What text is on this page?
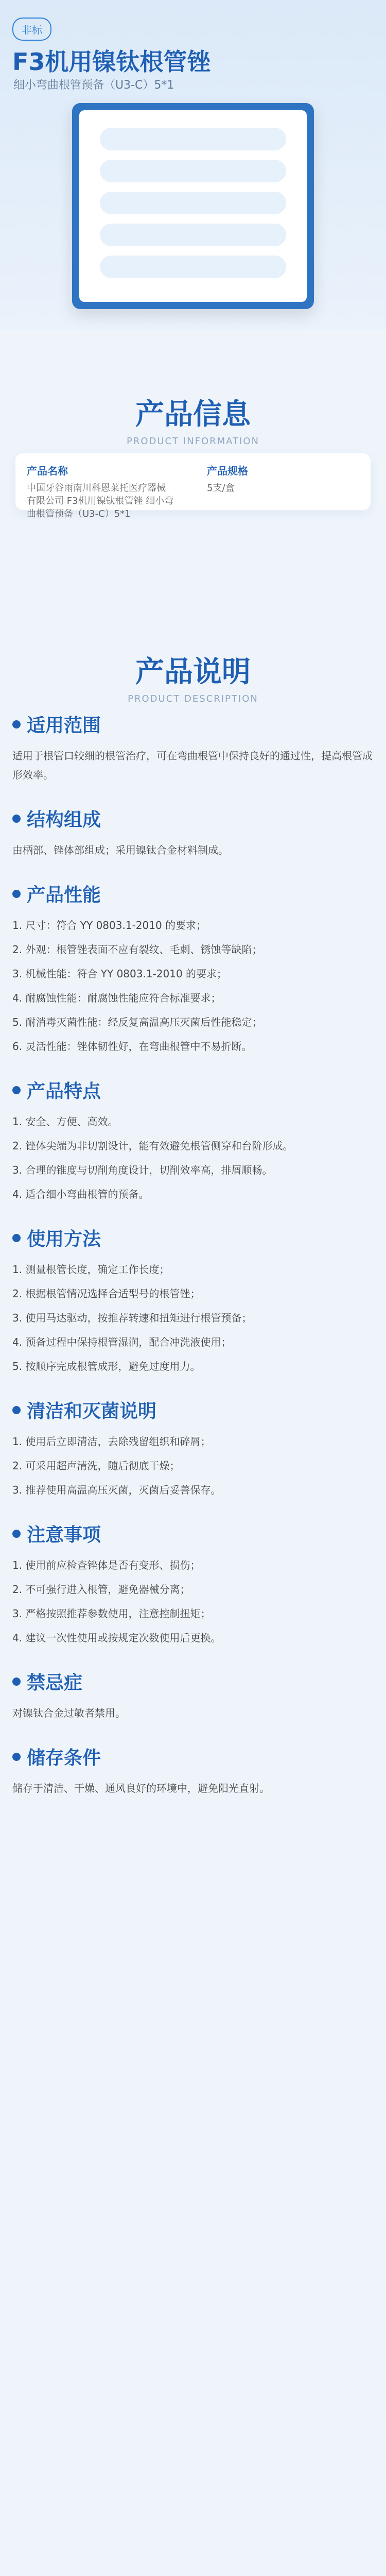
非标
F3机用镍钛根管锉
细小弯曲根管预备（U3-C）5*1
产品信息

PRODUCT INFORMATION

产品名称
中国牙谷雨南川科恩莱托医疗器械有限公司 F3机用镍钛根管锉 细小弯曲根管预备（U3-C）5*1
产品规格
5支/盒
产品说明

PRODUCT DESCRIPTION

适用范围
适用于根管口较细的根管治疗，可在弯曲根管中保持良好的通过性，提高根管成形效率。
结构组成
由柄部、锉体部组成；采用镍钛合金材料制成。
产品性能
1. 尺寸：符合 YY 0803.1-2010 的要求；
2. 外观：根管锉表面不应有裂纹、毛刺、锈蚀等缺陷；
3. 机械性能：符合 YY 0803.1-2010 的要求；
4. 耐腐蚀性能：耐腐蚀性能应符合标准要求；
5. 耐消毒灭菌性能：经反复高温高压灭菌后性能稳定；
6. 灵活性能：锉体韧性好，在弯曲根管中不易折断。
产品特点
1. 安全、方便、高效。
2. 锉体尖端为非切割设计，能有效避免根管侧穿和台阶形成。
3. 合理的锥度与切削角度设计，切削效率高，排屑顺畅。
4. 适合细小弯曲根管的预备。
使用方法
1. 测量根管长度，确定工作长度；
2. 根据根管情况选择合适型号的根管锉；
3. 使用马达驱动，按推荐转速和扭矩进行根管预备；
4. 预备过程中保持根管湿润，配合冲洗液使用；
5. 按顺序完成根管成形，避免过度用力。
清洁和灭菌说明
1. 使用后立即清洁，去除残留组织和碎屑；
2. 可采用超声清洗，随后彻底干燥；
3. 推荐使用高温高压灭菌，灭菌后妥善保存。
注意事项
1. 使用前应检查锉体是否有变形、损伤；
2. 不可强行进入根管，避免器械分离；
3. 严格按照推荐参数使用，注意控制扭矩；
4. 建议一次性使用或按规定次数使用后更换。
禁忌症
对镍钛合金过敏者禁用。
储存条件
储存于清洁、干燥、通风良好的环境中，避免阳光直射。
